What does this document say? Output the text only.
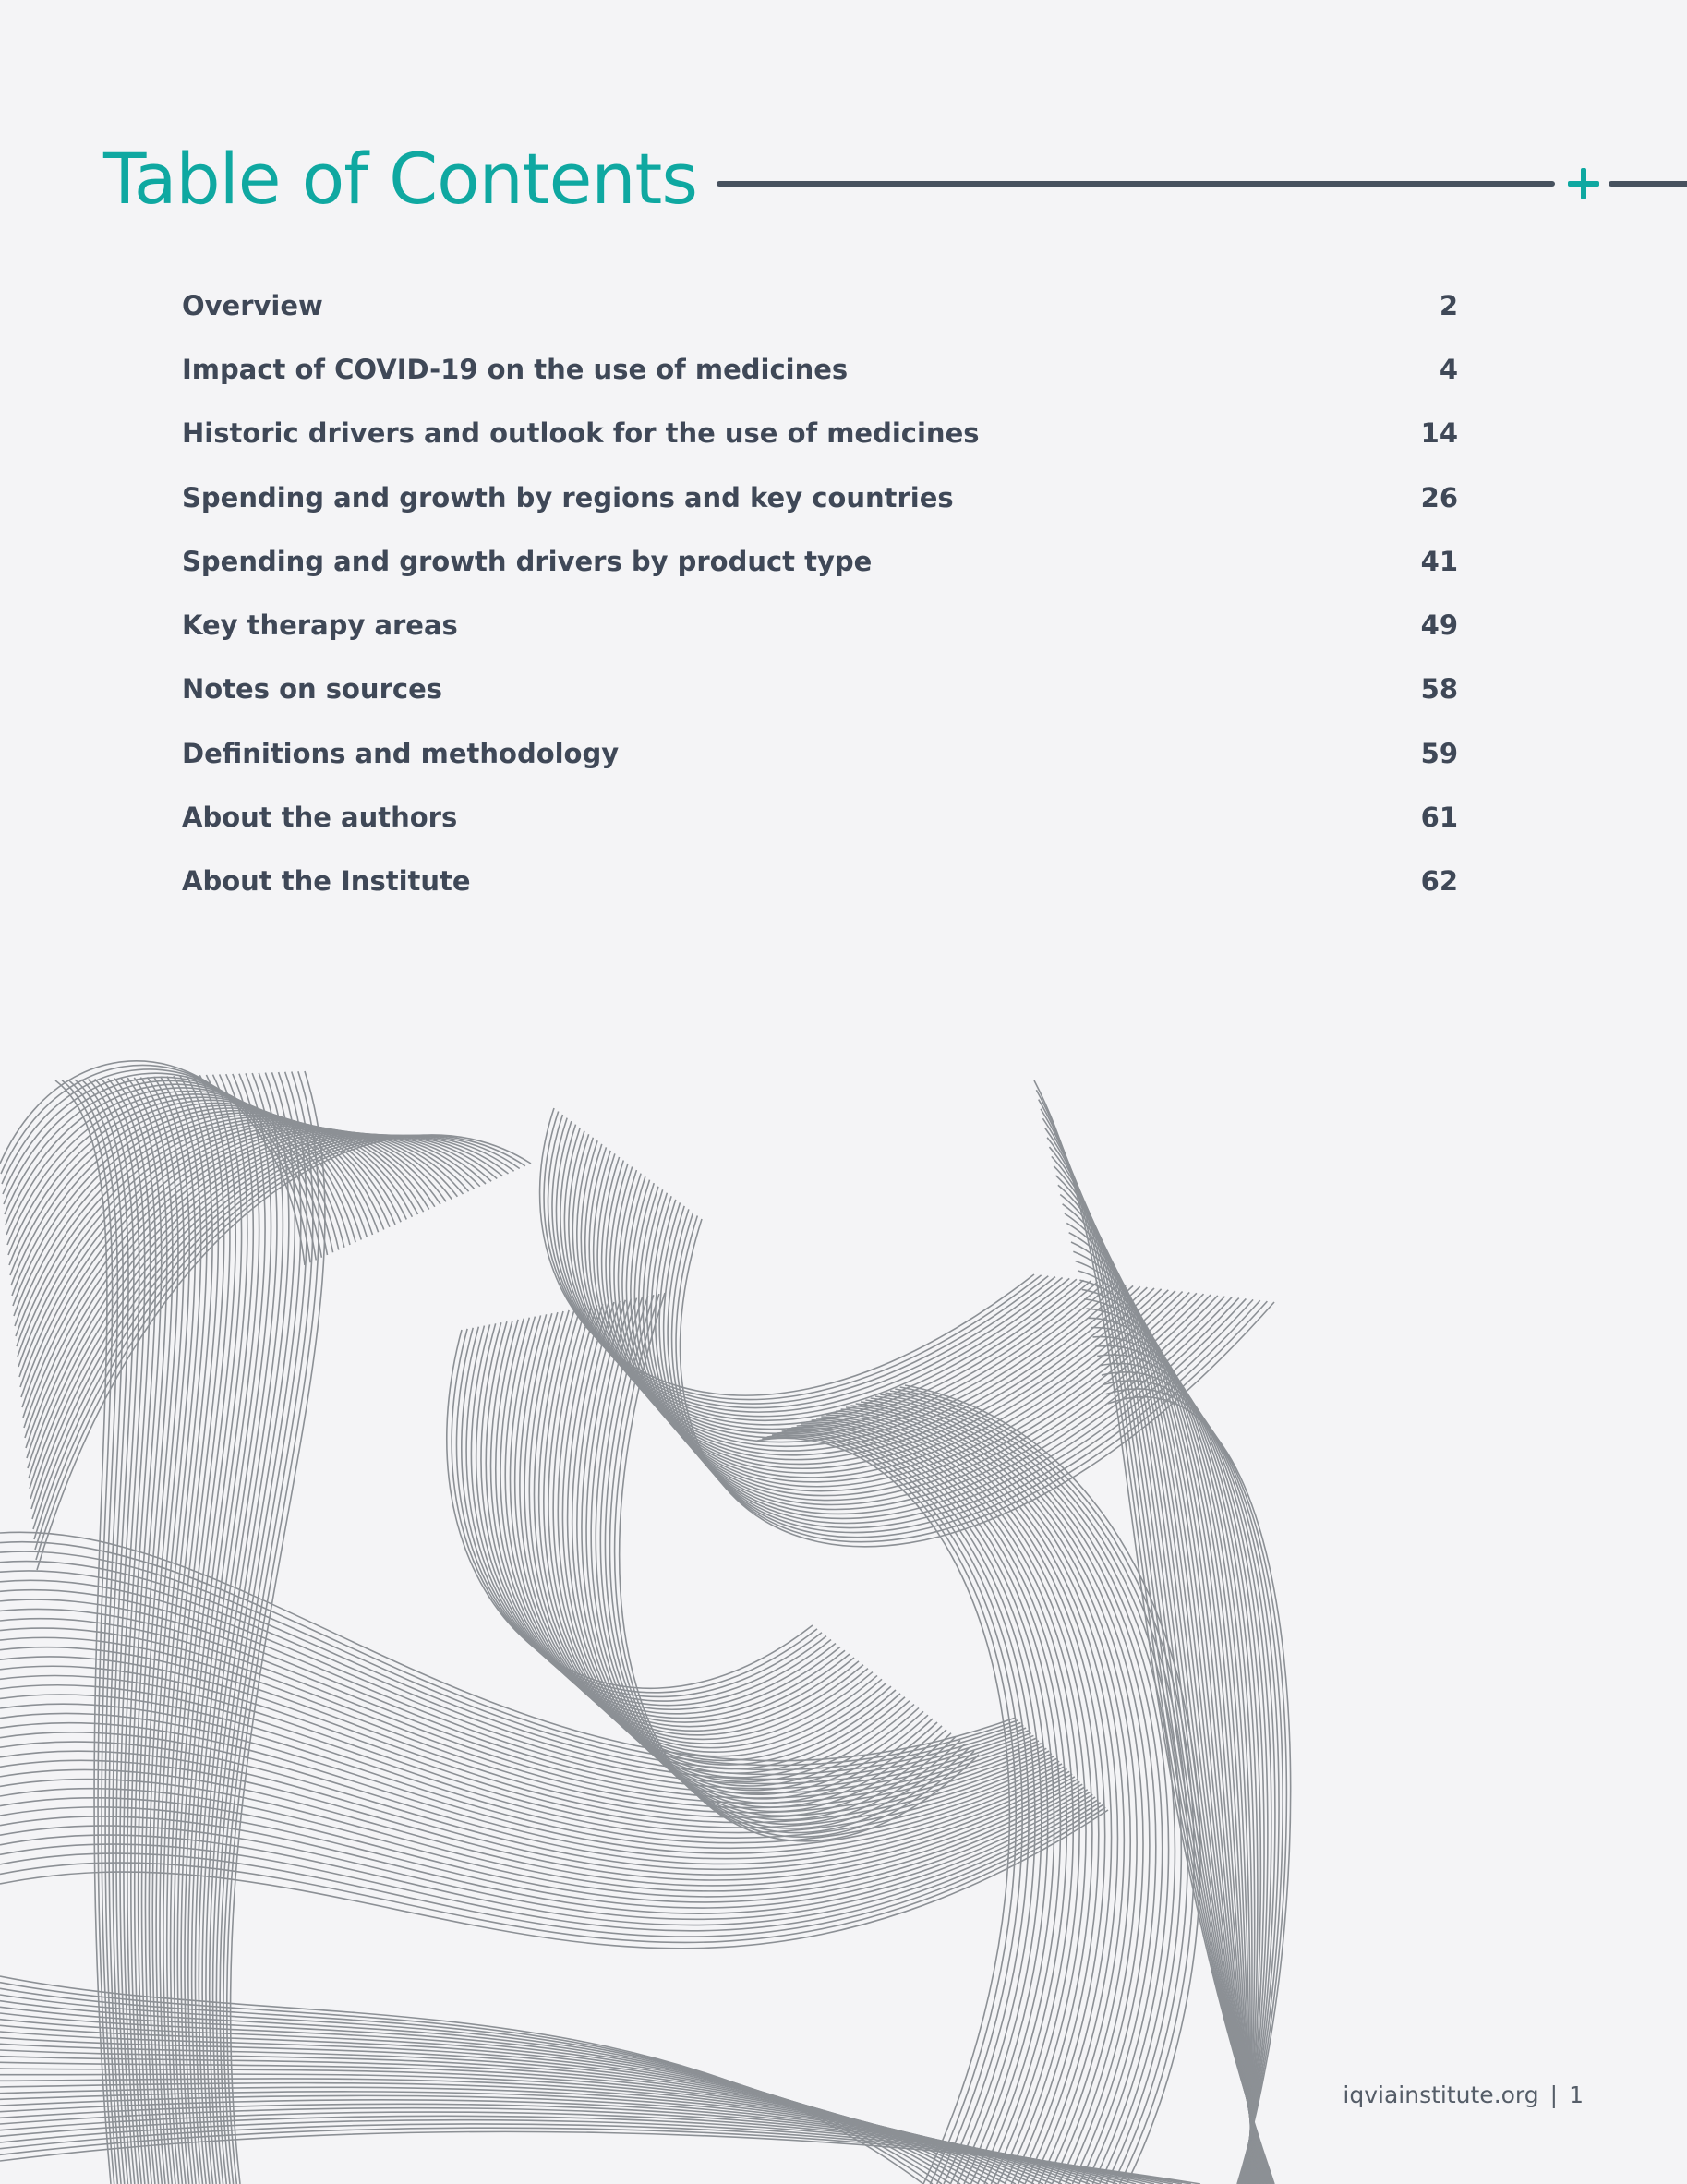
Table of Contents
Overview	2
Impact of COVID-19 on the use of medicines	4
Historic drivers and outlook for the use of medicines	14
Spending and growth by regions and key countries	26
Spending and growth drivers by product type	41
Key therapy areas	49
Notes on sources	58
Definitions and methodology	59
About the authors	61
About the Institute	62
iqviainstitute.org | 1
